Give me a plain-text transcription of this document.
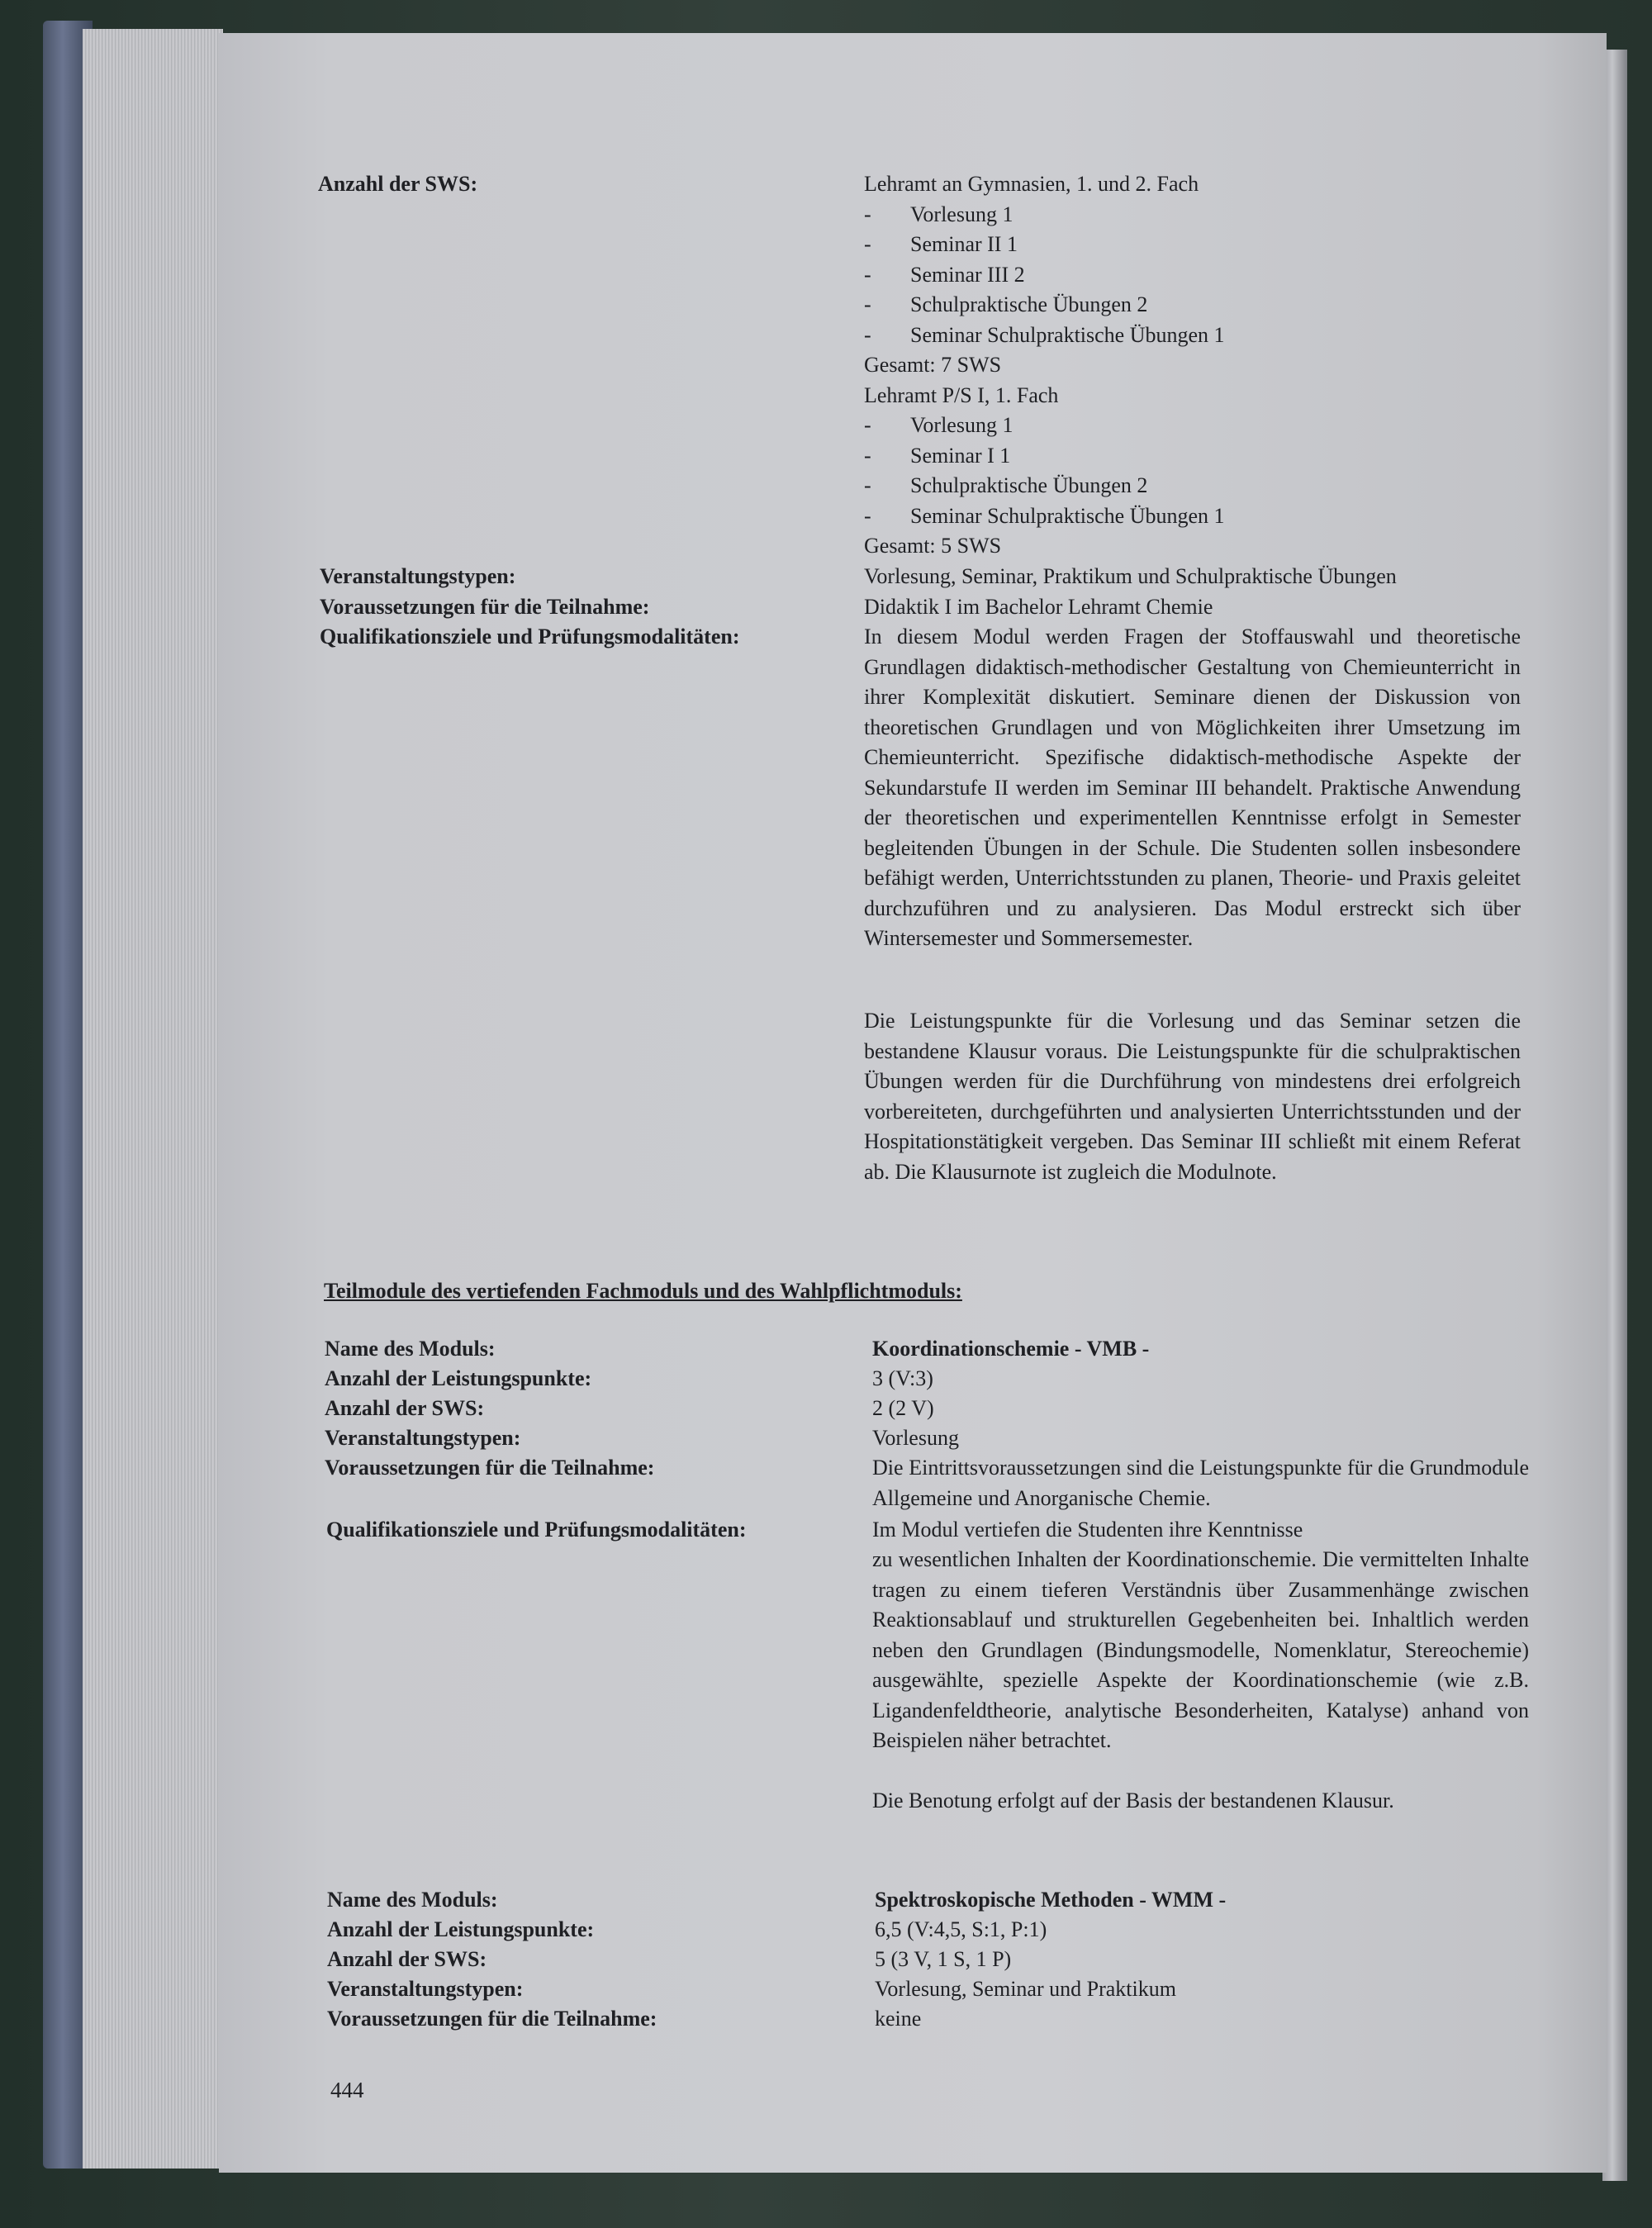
Anzahl der SWS:	Lehramt an Gymnasien, 1. und 2. Fach
- Vorlesung 1
- Seminar II 1
- Seminar III 2
- Schulpraktische Übungen 2
- Seminar Schulpraktische Übungen 1
Gesamt: 7 SWS
Lehramt P/S I, 1. Fach
- Vorlesung 1
- Seminar I 1
- Schulpraktische Übungen 2
- Seminar Schulpraktische Übungen 1
Gesamt: 5 SWS
Veranstaltungstypen:	Vorlesung, Seminar, Praktikum und Schulpraktische Übungen
Voraussetzungen für die Teilnahme:	Didaktik I im Bachelor Lehramt Chemie
Qualifikationsziele und Prüfungsmodalitäten:	In diesem Modul werden Fragen der Stoffauswahl und theoretische Grundlagen didaktisch-methodischer Gestaltung von Chemieunterricht in ihrer Komplexität diskutiert. Seminare dienen der Diskussion von theoretischen Grundlagen und von Möglichkeiten ihrer Umsetzung im Chemieunterricht. Spezifische didaktisch-methodische Aspekte der Sekundarstufe II werden im Seminar III behandelt. Praktische Anwendung der theoretischen und experimentellen Kenntnisse erfolgt in Semester begleitenden Übungen in der Schule. Die Studenten sollen insbesondere befähigt werden, Unterrichtsstunden zu planen, Theorie- und Praxis geleitet durchzuführen und zu analysieren. Das Modul erstreckt sich über Wintersemester und Sommersemester.
Die Leistungspunkte für die Vorlesung und das Seminar setzen die bestandene Klausur voraus. Die Leistungspunkte für die schulpraktischen Übungen werden für die Durchführung von mindestens drei erfolgreich vorbereiteten, durchgeführten und analysierten Unterrichtsstunden und der Hospitationstätigkeit vergeben. Das Seminar III schließt mit einem Referat ab. Die Klausurnote ist zugleich die Modulnote.
Teilmodule des vertiefenden Fachmoduls und des Wahlpflichtmoduls:
Name des Moduls:	Koordinationschemie - VMB -
Anzahl der Leistungspunkte:	3 (V:3)
Anzahl der SWS:	2 (2 V)
Veranstaltungstypen:	Vorlesung
Voraussetzungen für die Teilnahme:	Die Eintrittsvoraussetzungen sind die Leistungspunkte für die Grundmodule Allgemeine und Anorganische Chemie.
Qualifikationsziele und Prüfungsmodalitäten:	Im Modul vertiefen die Studenten ihre Kenntnisse
zu wesentlichen Inhalten der Koordinationschemie. Die vermittelten Inhalte tragen zu einem tieferen Verständnis über Zusammenhänge zwischen Reaktionsablauf und strukturellen Gegebenheiten bei. Inhaltlich werden neben den Grundlagen (Bindungsmodelle, Nomenklatur, Stereochemie) ausgewählte, spezielle Aspekte der Koordinationschemie (wie z.B. Ligandenfeldtheorie, analytische Besonderheiten, Katalyse) anhand von Beispielen näher betrachtet.
Die Benotung erfolgt auf der Basis der bestandenen Klausur.
Name des Moduls:	Spektroskopische Methoden - WMM -
Anzahl der Leistungspunkte:	6,5 (V:4,5, S:1, P:1)
Anzahl der SWS:	5 (3 V, 1 S, 1 P)
Veranstaltungstypen:	Vorlesung, Seminar und Praktikum
Voraussetzungen für die Teilnahme:	keine
444
